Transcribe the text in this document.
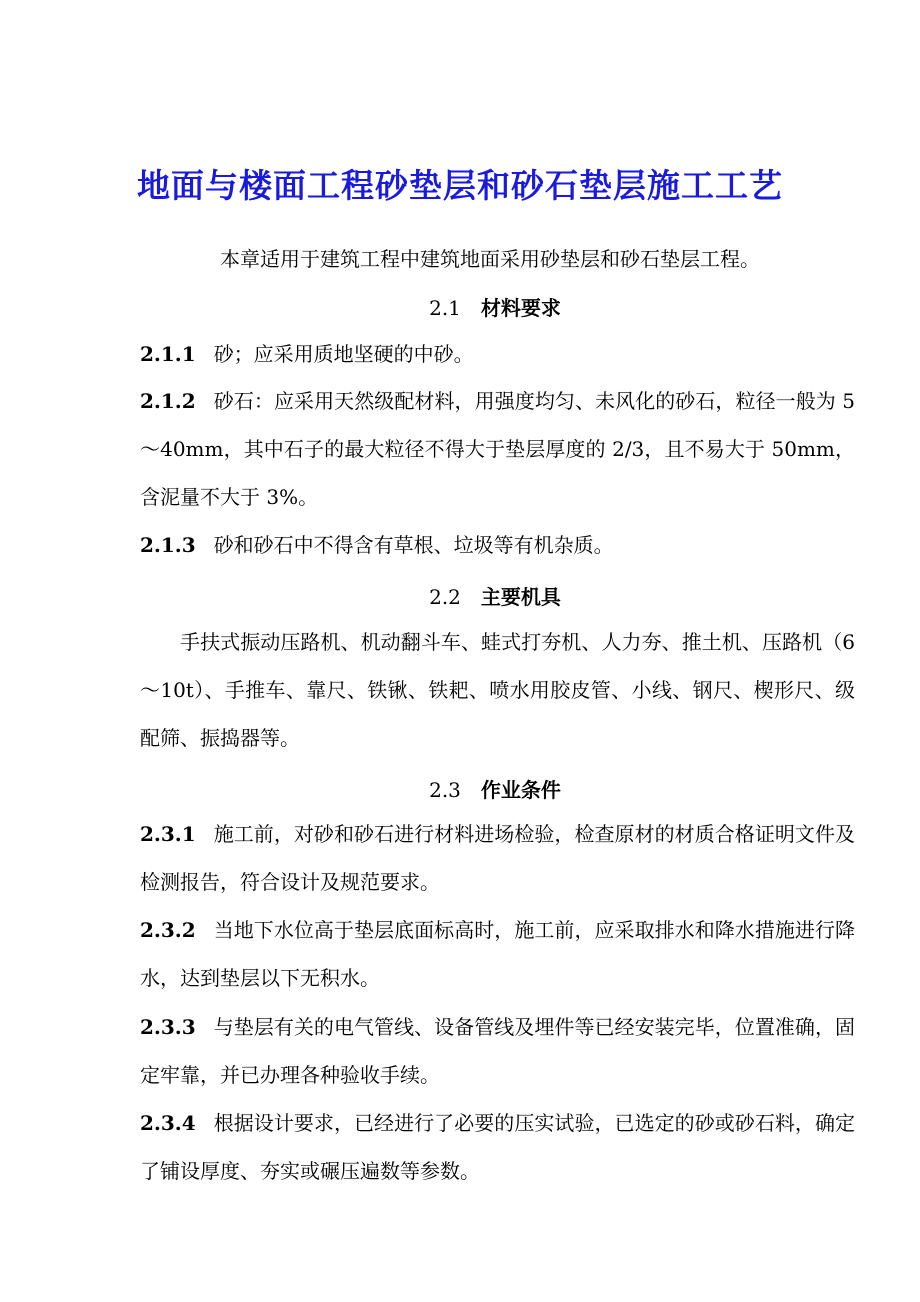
地面与楼面工程砂垫层和砂石垫层施工工艺
本章适用于建筑工程中建筑地面采用砂垫层和砂石垫层工程。
2.1 材料要求
2.1.1 砂；应采用质地坚硬的中砂。
2.1.2 砂石：应采用天然级配材料，用强度均匀、未风化的砂石，粒径一般为 5～40mm，其中石子的最大粒径不得大于垫层厚度的 2/3，且不易大于 50mm，含泥量不大于 3%。
2.1.3 砂和砂石中不得含有草根、垃圾等有机杂质。
2.2 主要机具
手扶式振动压路机、机动翻斗车、蛙式打夯机、人力夯、推土机、压路机（6～10t）、手推车、靠尺、铁锹、铁耙、喷水用胶皮管、小线、钢尺、楔形尺、级配筛、振捣器等。
2.3 作业条件
2.3.1 施工前，对砂和砂石进行材料进场检验，检查原材的材质合格证明文件及检测报告，符合设计及规范要求。
2.3.2 当地下水位高于垫层底面标高时，施工前，应采取排水和降水措施进行降水，达到垫层以下无积水。
2.3.3 与垫层有关的电气管线、设备管线及埋件等已经安装完毕，位置准确，固定牢靠，并已办理各种验收手续。
2.3.4 根据设计要求，已经进行了必要的压实试验，已选定的砂或砂石料，确定了铺设厚度、夯实或碾压遍数等参数。
